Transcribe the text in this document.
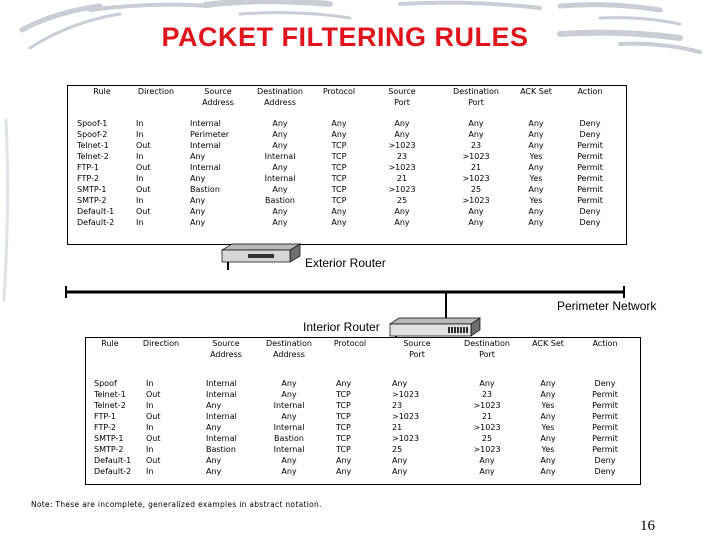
PACKET FILTERING RULES
Rule
Spoof-1
Spoof-2
Telnet-1
Telnet-2
FTP-1
FTP-2
SMTP-1
SMTP-2
Default-1
Default-2
Direction
In
In
Out
In
Out
In
Out
In
Out
In
Source
Address
Internal
Perimeter
Internal
Any
Internal
Any
Bastion
Any
Any
Any
Destination
Address
Any
Any
Any
Internal
Any
Internal
Any
Bastion
Any
Any
Protocol
Any
Any
TCP
TCP
TCP
TCP
TCP
TCP
Any
Any
Source
Port
Any
Any
>1023
23
>1023
21
>1023
25
Any
Any
Destination
Port
Any
Any
23
>1023
21
>1023
25
>1023
Any
Any
ACK Set
Any
Any
Any
Yes
Any
Yes
Any
Yes
Any
Any
Action
Deny
Deny
Permit
Permit
Permit
Permit
Permit
Permit
Deny
Deny
Exterior Router
Perimeter Network
Interior Router
Rule
Spoof
Telnet-1
Telnet-2
FTP-1
FTP-2
SMTP-1
SMTP-2
Default-1
Default-2
Direction
In
Out
In
Out
In
Out
In
Out
In
Source
Address
Internal
Internal
Any
Internal
Any
Internal
Bastion
Any
Any
Destination
Address
Any
Any
Internal
Any
Internal
Bastion
Internal
Any
Any
Protocol
Any
TCP
TCP
TCP
TCP
TCP
TCP
Any
Any
Source
Port
Any
>1023
23
>1023
21
>1023
25
Any
Any
Destination
Port
Any
23
>1023
21
>1023
25
>1023
Any
Any
ACK Set
Any
Any
Yes
Any
Yes
Any
Yes
Any
Any
Action
Deny
Permit
Permit
Permit
Permit
Permit
Permit
Deny
Deny
Note: These are incomplete, generalized examples in abstract notation.
16
